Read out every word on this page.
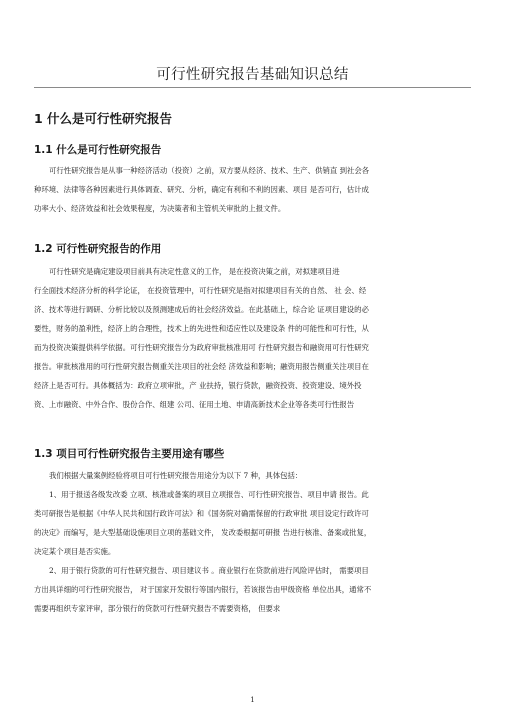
可行性研究报告基础知识总结
1 什么是可行性研究报告
1.1 什么是可行性研究报告
可行性研究报告是从事一种经济活动（投资）之前，双方要从经济、技术、生产、供销直 到社会各
种环境、法律等各种因素进行具体调查、研究、分析，确定有利和不利的因素、项目 是否可行，估计成
功率大小、经济效益和社会效果程度，为决策者和主管机关审批的上报文件。
1.2 可行性研究报告的作用
可行性研究是确定建设项目前具有决定性意义的工作， 是在投资决策之前，对拟建项目进
行全面技术经济分析的科学论证， 在投资管理中，可行性研究是指对拟建项目有关的自然、 社 会、经
济、技术等进行调研、分析比较以及预测建成后的社会经济效益。在此基础上，综合论 证项目建设的必
要性，财务的盈利性，经济上的合理性，技术上的先进性和适应性以及建设条 件的可能性和可行性，从
而为投资决策提供科学依据。可行性研究报告分为政府审批核准用可 行性研究报告和融资用可行性研究
报告。审批核准用的可行性研究报告侧重关注项目的社会经 济效益和影响；融资用报告侧重关注项目在
经济上是否可行。具体概括为：政府立项审批，产 业扶持，银行贷款，融资投资、投资建设、境外投
资、上市融资、中外合作、股份合作、组建 公司、征用土地、申请高新技术企业等各类可行性报告
1.3 项目可行性研究报告主要用途有哪些
我们根据大量案例经验将项目可行性研究报告用途分为以下 7 种，具体包括：
1、用于报送各级发改委 立项、核准或备案的项目立项报告、可行性研究报告、项目申请 报告。此
类可研报告是根据《中华人民共和国行政许可法》和《国务院对确需保留的行政审批 项目设定行政许可
的决定》而编写，是大型基础设施项目立项的基础文件， 发改委根据可研报 告进行核准、备案或批复，
决定某个项目是否实施。
2、用于银行贷款的可行性研究报告、项目建议书 。商业银行在贷款前进行风险评估时， 需要项目
方出具详细的可行性研究报告， 对于国家开发银行等国内银行，若该报告由甲级资格 单位出具，通常不
需要再组织专家评审，部分银行的贷款可行性研究报告不需要资格， 但要求

1
